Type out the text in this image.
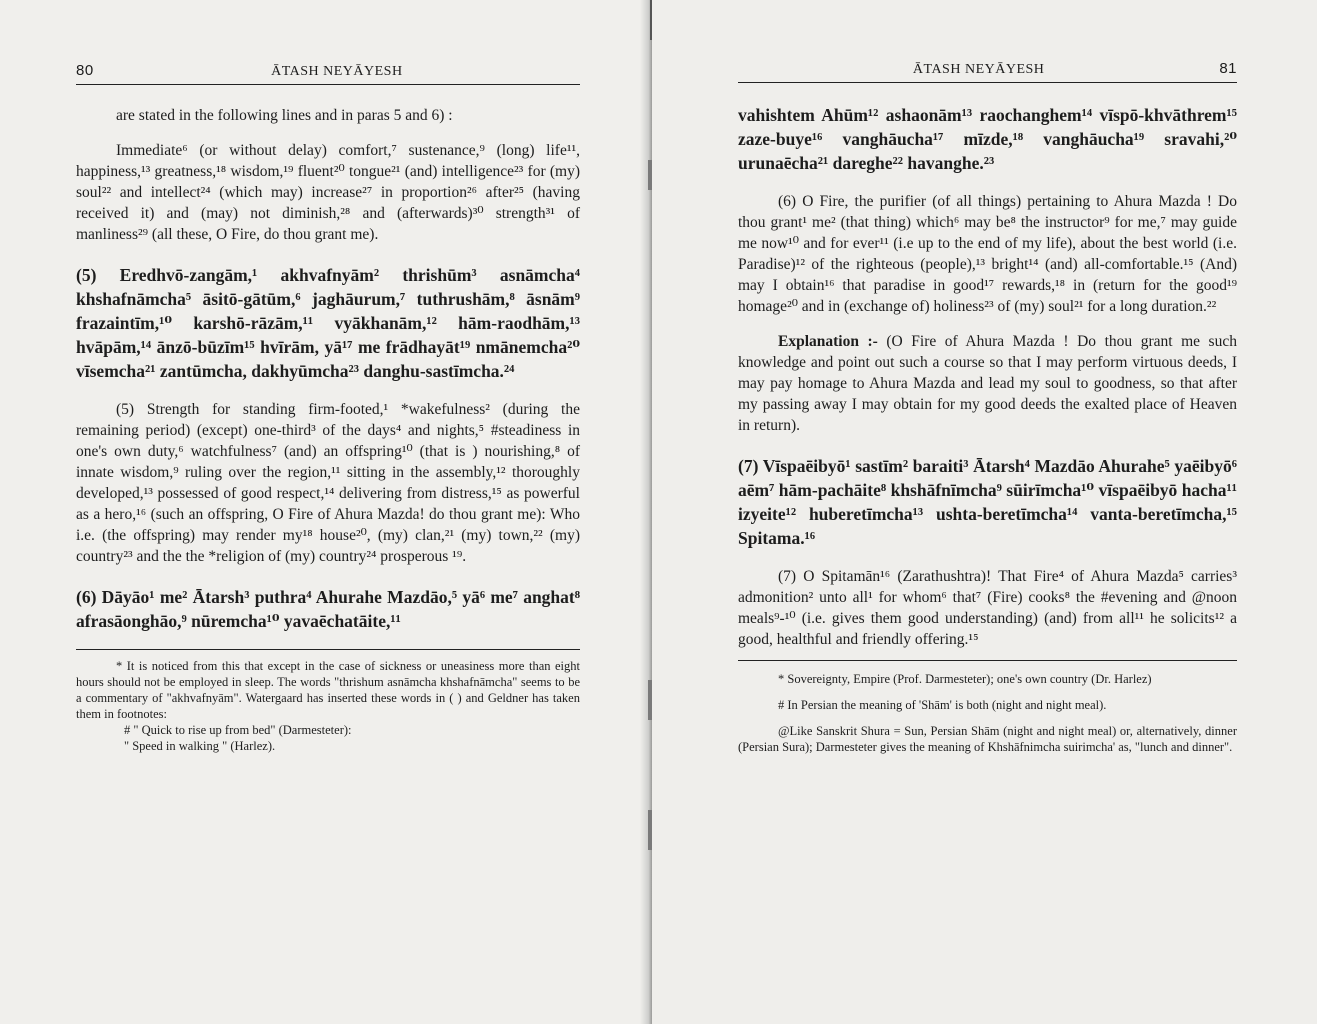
80	ĀTASH NEYĀYESH

are stated in the following lines and in paras 5 and 6) :

Immediate⁶ (or without delay) comfort,⁷ sustenance,⁹ (long) life¹¹, happiness,¹³ greatness,¹⁸ wisdom,¹⁹ fluent²⁰ tongue²¹ (and) intelligence²³ for (my) soul²² and intellect²⁴ (which may) increase²⁷ in proportion²⁶ after²⁵ (having received it) and (may) not diminish,²⁸ and (afterwards)³⁰ strength³¹ of manliness²⁹ (all these, O Fire, do thou grant me).

(5) Eredhvō-zangām,¹ akhvafnyām² thrishūm³ asnāmcha⁴ khshafnāmcha⁵ āsitō-gātūm,⁶ jaghāurum,⁷ tuthrushām,⁸ āsnām⁹ frazaintīm,¹⁰ karshō-rāzām,¹¹ vyākhanām,¹² hām-raodhām,¹³ hvāpām,¹⁴ ānzō-būzīm¹⁵ hvīrām, yā¹⁷ me frādhayāt¹⁹ nmānemcha²⁰ vīsemcha²¹ zantūmcha, dakhyūmcha²³ danghu-sastīmcha.²⁴

(5) Strength for standing firm-footed,¹ *wakefulness² (during the remaining period) (except) one-third³ of the days⁴ and nights,⁵ #steadiness in one's own duty,⁶ watchfulness⁷ (and) an offspring¹⁰ (that is ) nourishing,⁸ of innate wisdom,⁹ ruling over the region,¹¹ sitting in the assembly,¹² thoroughly developed,¹³ possessed of good respect,¹⁴ delivering from distress,¹⁵ as powerful as a hero,¹⁶ (such an offspring, O Fire of Ahura Mazda! do thou grant me): Who i.e. (the offspring) may render my¹⁸ house²⁰, (my) clan,²¹ (my) town,²² (my) country²³ and the the *religion of (my) country²⁴ prosperous ¹⁹.

(6) Dāyāo¹ me² Ātarsh³ puthra⁴ Ahurahe Mazdāo,⁵ yā⁶ me⁷ anghat⁸ afrasāonghāo,⁹ nūremcha¹⁰ yavaēchatāite,¹¹

* It is noticed from this that except in the case of sickness or uneasiness more than eight hours should not be employed in sleep. The words "thrishum asnāmcha khshafnāmcha" seems to be a commentary of "akhvafnyām". Watergaard has inserted these words in ( ) and Geldner has taken them in footnotes:

# " Quick to rise up from bed" (Darmesteter):

" Speed in walking " (Harlez).

ĀTASH NEYĀYESH	81

vahishtem Ahūm¹² ashaonām¹³ raochanghem¹⁴ vīspō-khvāthrem¹⁵ zaze-buye¹⁶ vanghāucha¹⁷ mīzde,¹⁸ vanghāucha¹⁹ sravahi,²⁰ urunaēcha²¹ dareghe²² havanghe.²³

(6) O Fire, the purifier (of all things) pertaining to Ahura Mazda ! Do thou grant¹ me² (that thing) which⁶ may be⁸ the instructor⁹ for me,⁷ may guide me now¹⁰ and for ever¹¹ (i.e up to the end of my life), about the best world (i.e. Paradise)¹² of the righteous (people),¹³ bright¹⁴ (and) all-comfortable.¹⁵ (And) may I obtain¹⁶ that paradise in good¹⁷ rewards,¹⁸ in (return for the good¹⁹ homage²⁰ and in (exchange of) holiness²³ of (my) soul²¹ for a long duration.²²

Explanation :- (O Fire of Ahura Mazda ! Do thou grant me such knowledge and point out such a course so that I may perform virtuous deeds, I may pay homage to Ahura Mazda and lead my soul to goodness, so that after my passing away I may obtain for my good deeds the exalted place of Heaven in return).

(7) Vīspaēibyō¹ sastīm² baraiti³ Ātarsh⁴ Mazdāo Ahurahe⁵ yaēibyō⁶ aēm⁷ hām-pachāite⁸ khshāfnīmcha⁹ sūirīmcha¹⁰ vīspaēibyō hacha¹¹ izyeite¹² huberetīmcha¹³ ushta-beretīmcha¹⁴ vanta-beretīmcha,¹⁵ Spitama.¹⁶

(7) O Spitamān¹⁶ (Zarathushtra)! That Fire⁴ of Ahura Mazda⁵ carries³ admonition² unto all¹ for whom⁶ that⁷ (Fire) cooks⁸ the #evening and @noon meals⁹-¹⁰ (i.e. gives them good understanding) (and) from all¹¹ he solicits¹² a good, healthful and friendly offering.¹⁵

* Sovereignty, Empire (Prof. Darmesteter); one's own country (Dr. Harlez)

# In Persian the meaning of 'Shām' is both (night and night meal).

@Like Sanskrit Shura = Sun, Persian Shām (night and night meal) or, alternatively, dinner (Persian Sura); Darmesteter gives the meaning of Khshāfnimcha suirimcha' as, "lunch and dinner".
